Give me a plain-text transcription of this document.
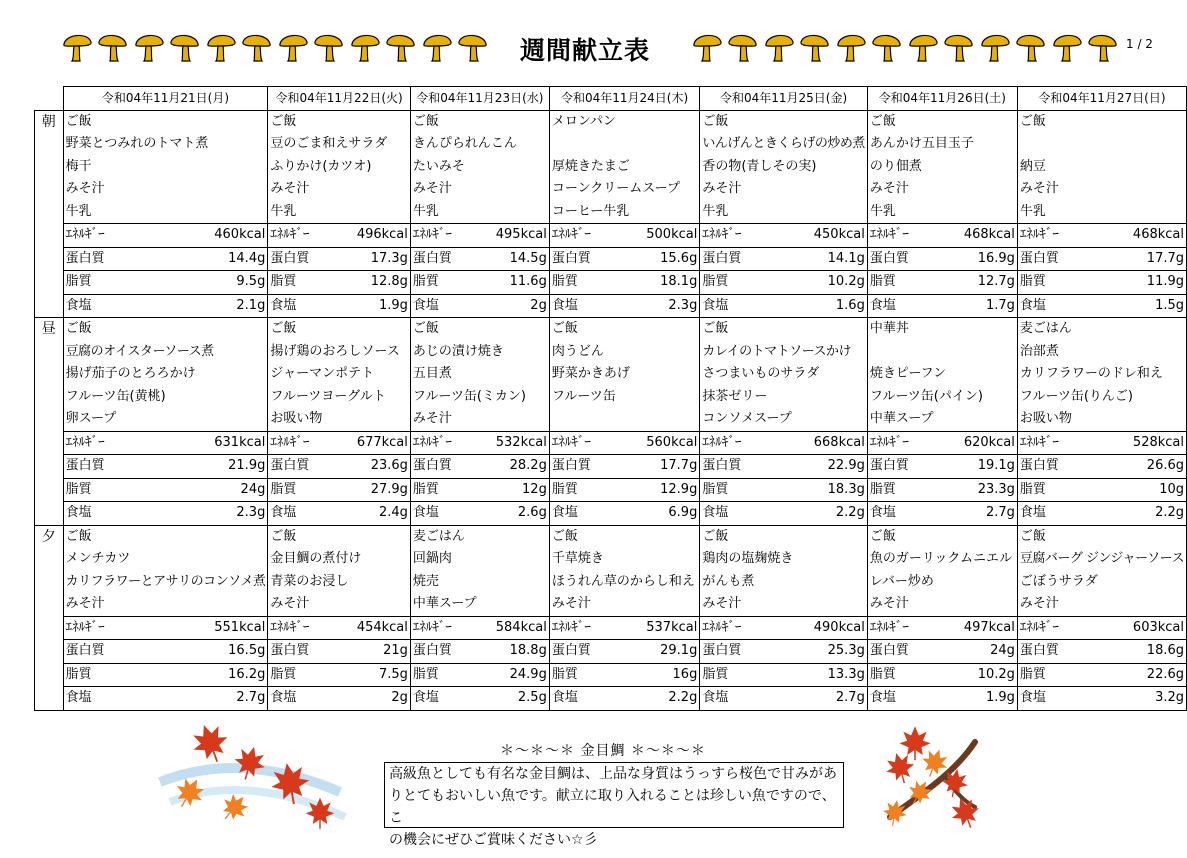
週間献立表	1 / 2
	令和04年11月21日(月)		令和04年11月22日(火)		令和04年11月23日(水)		令和04年11月24日(木)		令和04年11月25日(金)		令和04年11月26日(土)		令和04年11月27日(日)	
朝	ご飯		ご飯		ご飯		メロンパン		ご飯		ご飯		ご飯	
	野菜とつみれのトマト煮		豆のごま和えサラダ		きんぴられんこん				いんげんときくらげの炒め煮		あんかけ五目玉子			
	梅干		ふりかけ(カツオ)		たいみそ		厚焼きたまご		香の物(青しその実)		のり佃煮		納豆	
	みそ汁		みそ汁		みそ汁		コーンクリームスープ		みそ汁		みそ汁		みそ汁	
	牛乳		牛乳		牛乳		コーヒー牛乳		牛乳		牛乳		牛乳	
	ｴﾈﾙｷﾞｰ	460kcal	ｴﾈﾙｷﾞｰ	496kcal	ｴﾈﾙｷﾞｰ	495kcal	ｴﾈﾙｷﾞｰ	500kcal	ｴﾈﾙｷﾞｰ	450kcal	ｴﾈﾙｷﾞｰ	468kcal	ｴﾈﾙｷﾞｰ	468kcal
	蛋白質	14.4g	蛋白質	17.3g	蛋白質	14.5g	蛋白質	15.6g	蛋白質	14.1g	蛋白質	16.9g	蛋白質	17.7g
	脂質	9.5g	脂質	12.8g	脂質	11.6g	脂質	18.1g	脂質	10.2g	脂質	12.7g	脂質	11.9g
	食塩	2.1g	食塩	1.9g	食塩	2g	食塩	2.3g	食塩	1.6g	食塩	1.7g	食塩	1.5g
昼	ご飯		ご飯		ご飯		ご飯		ご飯		中華丼		麦ごはん	
	豆腐のオイスターソース煮		揚げ鶏のおろしソース		あじの漬け焼き		肉うどん		カレイのトマトソースかけ				治部煮	
	揚げ茄子のとろろかけ		ジャーマンポテト		五目煮		野菜かきあげ		さつまいものサラダ		焼きピーフン		カリフラワーのドレ和え	
	フルーツ缶(黄桃)		フルーツヨーグルト		フルーツ缶(ミカン)		フルーツ缶		抹茶ゼリー		フルーツ缶(パイン)		フルーツ缶(りんご)	
	卵スープ		お吸い物		みそ汁				コンソメスープ		中華スープ		お吸い物	
	ｴﾈﾙｷﾞｰ	631kcal	ｴﾈﾙｷﾞｰ	677kcal	ｴﾈﾙｷﾞｰ	532kcal	ｴﾈﾙｷﾞｰ	560kcal	ｴﾈﾙｷﾞｰ	668kcal	ｴﾈﾙｷﾞｰ	620kcal	ｴﾈﾙｷﾞｰ	528kcal
	蛋白質	21.9g	蛋白質	23.6g	蛋白質	28.2g	蛋白質	17.7g	蛋白質	22.9g	蛋白質	19.1g	蛋白質	26.6g
	脂質	24g	脂質	27.9g	脂質	12g	脂質	12.9g	脂質	18.3g	脂質	23.3g	脂質	10g
	食塩	2.3g	食塩	2.4g	食塩	2.6g	食塩	6.9g	食塩	2.2g	食塩	2.7g	食塩	2.2g
夕	ご飯		ご飯		麦ごはん		ご飯		ご飯		ご飯		ご飯	
	メンチカツ		金目鯛の煮付け		回鍋肉		千草焼き		鶏肉の塩麹焼き		魚のガーリックムニエル		豆腐バーグ ジンジャーソース	
	カリフラワーとアサリのコンソメ煮		青菜のお浸し		焼売		ほうれん草のからし和え		がんも煮		レバー炒め		ごぼうサラダ	
	みそ汁		みそ汁		中華スープ		みそ汁		みそ汁		みそ汁		みそ汁	
	ｴﾈﾙｷﾞｰ	551kcal	ｴﾈﾙｷﾞｰ	454kcal	ｴﾈﾙｷﾞｰ	584kcal	ｴﾈﾙｷﾞｰ	537kcal	ｴﾈﾙｷﾞｰ	490kcal	ｴﾈﾙｷﾞｰ	497kcal	ｴﾈﾙｷﾞｰ	603kcal
	蛋白質	16.5g	蛋白質	21g	蛋白質	18.8g	蛋白質	29.1g	蛋白質	25.3g	蛋白質	24g	蛋白質	18.6g
	脂質	16.2g	脂質	7.5g	脂質	24.9g	脂質	16g	脂質	13.3g	脂質	10.2g	脂質	22.6g
	食塩	2.7g	食塩	2g	食塩	2.5g	食塩	2.2g	食塩	2.7g	食塩	1.9g	食塩	3.2g
＊～＊～＊ 金目鯛 ＊～＊～＊
高級魚としても有名な金目鯛は、上品な身質はうっすら桜色で甘みがあ
りとてもおいしい魚です。献立に取り入れることは珍しい魚ですので、こ
の機会にぜひご賞味ください☆彡
